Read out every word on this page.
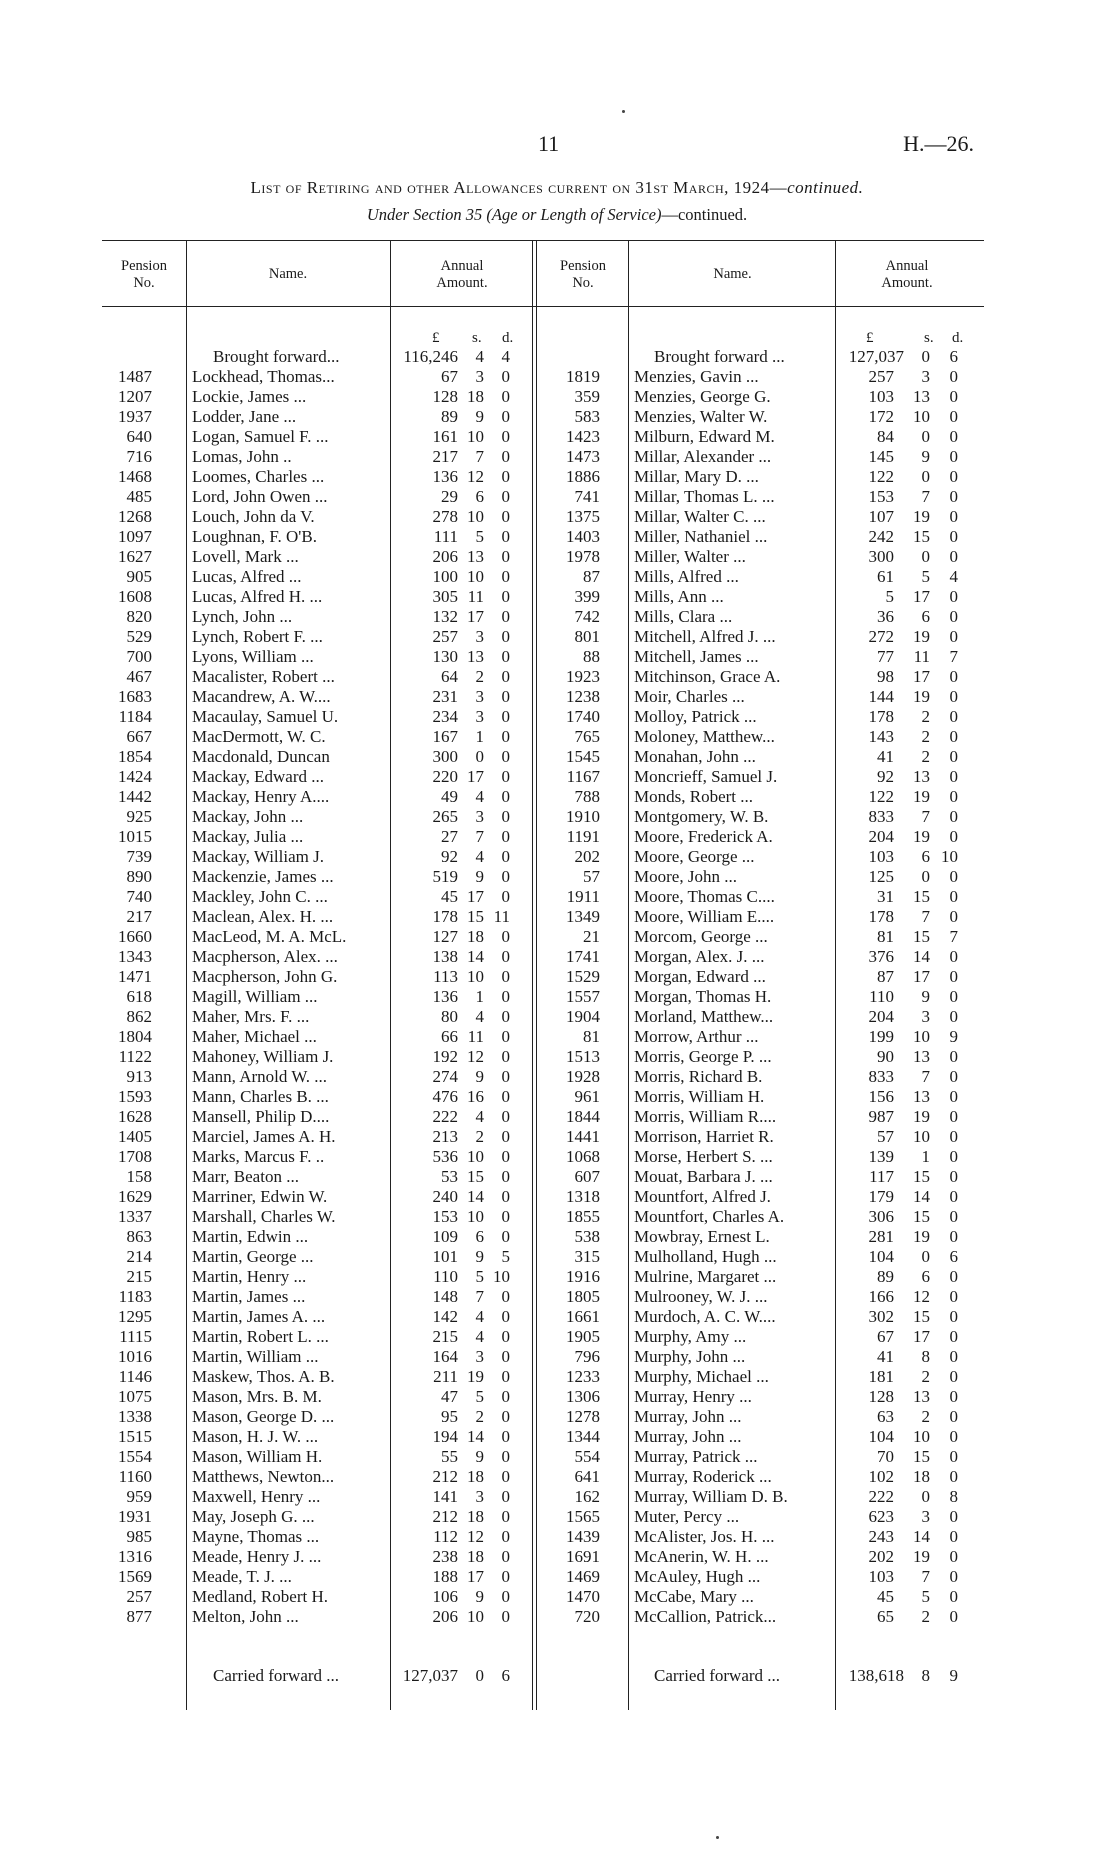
11	H.—26.
List of Retiring and other Allowances current on 31st March, 1924—continued.
Under Section 35 (Age or Length of Service)—continued.
Pension
No.
Name.	Annual
Amount.
Pension
No.
Name.	Annual
Amount.
£ s. d.	£	s. d.
Brought forward...	116,246	4	4	Brought forward ...	127,037	0	6
1487 Lockhead, Thomas...	67	3	0	1819 Menzies, Gavin ...	257	3	0
1207 Lockie, James ...	128 18	0	359 Menzies, George G.	103 13	0
1937 Lodder, Jane ...	89	9	0	583 Menzies, Walter W.	172 10	0
640 Logan, Samuel F. ...	161 10	0	1423 Milburn, Edward M.	84	0	0
716 Lomas, John ..	217	7	0	1473 Millar, Alexander ...	145	9	0
1468 Loomes, Charles ...	136 12	0	1886 Millar, Mary D. ...	122	0	0
485 Lord, John Owen ...	29	6	0	741 Millar, Thomas L. ...	153	7	0
1268 Louch, John da V.	278 10	0	1375 Millar, Walter C. ...	107 19	0
1097 Loughnan, F. O'B.	111	5	0	1403 Miller, Nathaniel ...	242 15	0
1627 Lovell, Mark ...	206 13	0	1978 Miller, Walter ...	300	0	0
905 Lucas, Alfred ...	100 10	0	87 Mills, Alfred ...	61	5	4
1608 Lucas, Alfred H. ...	305 11	0	399 Mills, Ann ...	5 17	0
820 Lynch, John ...	132 17	0	742 Mills, Clara ...	36	6	0
529 Lynch, Robert F. ...	257	3	0	801 Mitchell, Alfred J. ...	272 19	0
700 Lyons, William ...	130 13	0	88 Mitchell, James ...	77	11	7
467 Macalister, Robert ...	64	2	0	1923 Mitchinson, Grace A.	98 17	0
1683 Macandrew, A. W....	231	3	0	1238 Moir, Charles ...	144 19	0
1184 Macaulay, Samuel U.	234	3	0	1740 Molloy, Patrick ...	178	2	0
667 MacDermott, W. C.	167	1	0	765 Moloney, Matthew...	143	2	0
1854 Macdonald, Duncan	300	0	0	1545 Monahan, John ...	41	2	0
1424 Mackay, Edward ...	220 17	0	1167 Moncrieff, Samuel J.	92 13	0
1442 Mackay, Henry A....	49	4	0	788 Monds, Robert ...	122 19	0
925 Mackay, John ...	265	3	0	1910 Montgomery, W. B.	833	7	0
1015 Mackay, Julia ...	27	7	0	1191 Moore, Frederick A.	204 19	0
739 Mackay, William J.	92	4	0	202 Moore, George ...	103	6 10
890 Mackenzie, James ...	519	9	0	57 Moore, John ...	125	0	0
740 Mackley, John C. ...	45 17	0	1911 Moore, Thomas C....	31 15	0
217 Maclean, Alex. H. ...	178 15 11	1349 Moore, William E....	178	7	0
1660 MacLeod, M. A. McL.	127 18	0	21 Morcom, George ...	81 15	7
1343 Macpherson, Alex. ...	138 14	0	1741 Morgan, Alex. J. ...	376 14	0
1471 Macpherson, John G.	113 10	0	1529 Morgan, Edward ...	87 17	0
618 Magill, William ...	136	1	0	1557 Morgan, Thomas H.	110	9	0
862 Maher, Mrs. F. ...	80	4	0	1904 Morland, Matthew...	204	3	0
1804 Maher, Michael ...	66 11	0	81 Morrow, Arthur ...	199 10	9
1122 Mahoney, William J.	192 12	0	1513 Morris, George P. ...	90 13	0
913 Mann, Arnold W. ...	274	9	0	1928 Morris, Richard B.	833	7	0
1593 Mann, Charles B. ...	476 16	0	961 Morris, William H.	156 13	0
1628 Mansell, Philip D....	222	4	0	1844 Morris, William R....	987 19	0
1405 Marciel, James A. H.	213	2	0	1441 Morrison, Harriet R.	57 10	0
1708 Marks, Marcus F. ..	536 10	0	1068 Morse, Herbert S. ...	139	1	0
158 Marr, Beaton ...	53 15	0	607 Mouat, Barbara J. ...	117 15	0
1629 Marriner, Edwin W.	240 14	0	1318 Mountfort, Alfred J.	179 14	0
1337 Marshall, Charles W.	153 10	0	1855 Mountfort, Charles A.	306 15	0
863 Martin, Edwin ...	109	6	0	538 Mowbray, Ernest L.	281 19	0
214 Martin, George ...	101	9	5	315 Mulholland, Hugh ...	104	0	6
215 Martin, Henry ...	110	5 10	1916 Mulrine, Margaret ...	89	6	0
1183 Martin, James ...	148	7	0	1805 Mulrooney, W. J. ...	166 12	0
1295 Martin, James A. ...	142	4	0	1661 Murdoch, A. C. W....	302 15	0
1115 Martin, Robert L. ...	215	4	0	1905 Murphy, Amy ...	67 17	0
1016 Martin, William ...	164	3	0	796 Murphy, John ...	41	8	0
1146 Maskew, Thos. A. B.	211 19	0	1233 Murphy, Michael ...	181	2	0
1075 Mason, Mrs. B. M.	47	5	0	1306 Murray, Henry ...	128 13	0
1338 Mason, George D. ...	95	2	0	1278 Murray, John ...	63	2	0
1515 Mason, H. J. W. ...	194 14	0	1344 Murray, John ...	104 10	0
1554 Mason, William H.	55	9	0	554 Murray, Patrick ...	70 15	0
1160 Matthews, Newton...	212 18	0	641 Murray, Roderick ...	102 18	0
959 Maxwell, Henry ...	141	3	0	162 Murray, William D. B.	222	0	8
1931 May, Joseph G. ...	212 18	0	1565 Muter, Percy ...	623	3	0
985 Mayne, Thomas ...	112 12	0	1439 McAlister, Jos. H. ...	243 14	0
1316 Meade, Henry J. ...	238 18	0	1691 McAnerin, W. H. ...	202 19	0
1569 Meade, T. J. ...	188 17	0	1469 McAuley, Hugh ...	103	7	0
257 Medland, Robert H.	106	9	0	1470 McCabe, Mary ...	45	5	0
877 Melton, John ...	206 10	0	720 McCallion, Patrick...	65	2	0
Carried forward ...	127,037	0	6	Carried forward ...	138,618	8	9
